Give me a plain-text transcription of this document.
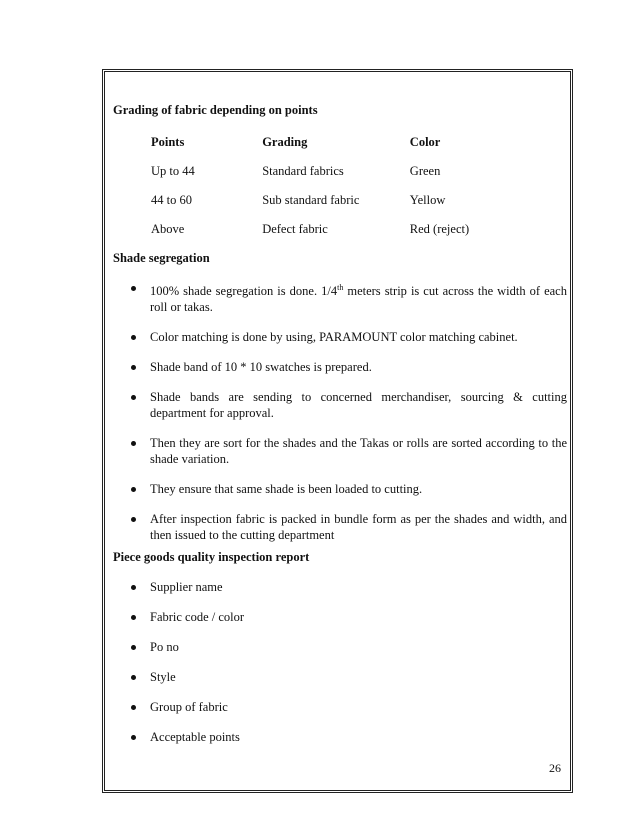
Grading of fabric depending on points
Points	Grading	Color
Up to 44	Standard fabrics	Green
44 to 60	Sub standard fabric	Yellow
Above	Defect fabric	Red (reject)
Shade segregation
100% shade segregation is done. 1/4th meters strip is cut across the width of each roll or takas.
Color matching is done by using, PARAMOUNT color matching cabinet.
Shade band of 10 * 10 swatches is prepared.
Shade bands are sending to concerned merchandiser, sourcing & cutting department for approval.
Then they are sort for the shades and the Takas or rolls are sorted according to the shade variation.
They ensure that same shade is been loaded to cutting.
After inspection fabric is packed in bundle form as per the shades and width, and then issued to the cutting department
Piece goods quality inspection report
Supplier name
Fabric code / color
Po no
Style
Group of fabric
Acceptable points
26
